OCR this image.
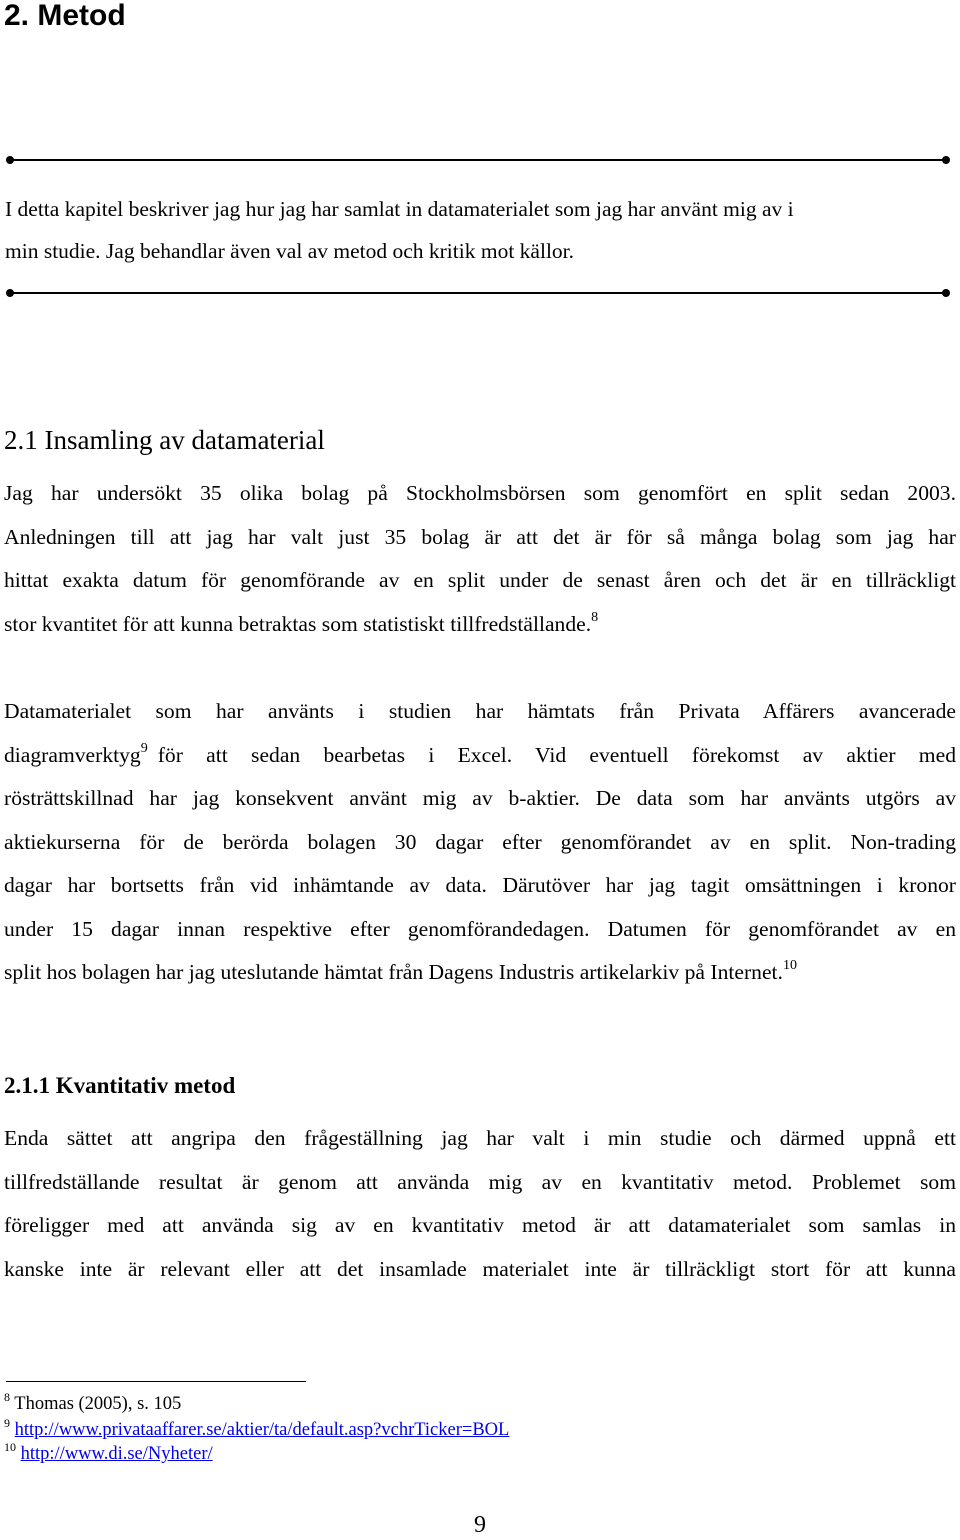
2. Metod
I detta kapitel beskriver jag hur jag har samlat in datamaterialet som jag har använt mig av i
min studie. Jag behandlar även val av metod och kritik mot källor.
2.1 Insamling av datamaterial
Jag har undersökt 35 olika bolag på Stockholmsbörsen som genomfört en split sedan 2003.
Anledningen till att jag har valt just 35 bolag är att det är för så många bolag som jag har
hittat exakta datum för genomförande av en split under de senast åren och det är en tillräckligt
stor kvantitet för att kunna betraktas som statistiskt tillfredställande.$^8$
Datamaterialet som har använts i studien har hämtats från Privata Affärers avancerade
diagramverktyg$^9$ för att sedan bearbetas i Excel. Vid eventuell förekomst av aktier med
rösträttskillnad har jag konsekvent använt mig av b-aktier. De data som har använts utgörs av
aktiekurserna för de berörda bolagen 30 dagar efter genomförandet av en split. Non-trading
dagar har bortsetts från vid inhämtande av data. Därutöver har jag tagit omsättningen i kronor
under 15 dagar innan respektive efter genomförandedagen. Datumen för genomförandet av en
split hos bolagen har jag uteslutande hämtat från Dagens Industris artikelarkiv på Internet.$^{10}$
2.1.1 Kvantitativ metod
Enda sättet att angripa den frågeställning jag har valt i min studie och därmed uppnå ett
tillfredställande resultat är genom att använda mig av en kvantitativ metod. Problemet som
föreligger med att använda sig av en kvantitativ metod är att datamaterialet som samlas in
kanske inte är relevant eller att det insamlade materialet inte är tillräckligt stort för att kunna
$^8$ Thomas (2005), s. 105
$^9$ http://www.privataaffarer.se/aktier/ta/default.asp?vchrTicker=BOL
$^{10}$ http://www.di.se/Nyheter/
9
